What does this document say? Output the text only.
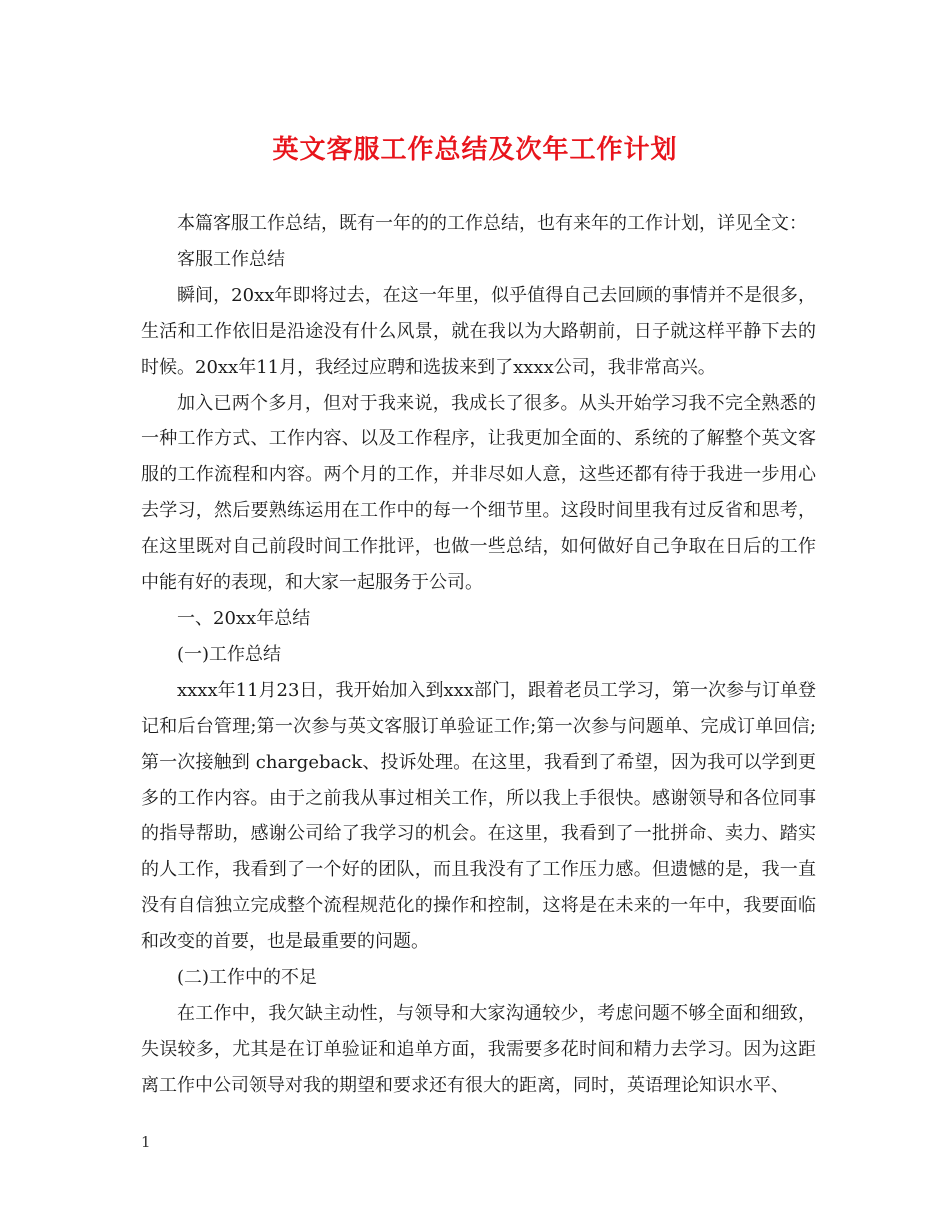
英文客服工作总结及次年工作计划

本篇客服工作总结，既有一年的的工作总结，也有来年的工作计划，详见全文：

客服工作总结

瞬间，20xx年即将过去，在这一年里，似乎值得自己去回顾的事情并不是很多，生活和工作依旧是沿途没有什么风景，就在我以为大路朝前，日子就这样平静下去的时候。20xx年11月，我经过应聘和选拔来到了xxxx公司，我非常高兴。

加入已两个多月，但对于我来说，我成长了很多。从头开始学习我不完全熟悉的一种工作方式、工作内容、以及工作程序，让我更加全面的、系统的了解整个英文客服的工作流程和内容。两个月的工作，并非尽如人意，这些还都有待于我进一步用心去学习，然后要熟练运用在工作中的每一个细节里。这段时间里我有过反省和思考，在这里既对自己前段时间工作批评，也做一些总结，如何做好自己争取在日后的工作中能有好的表现，和大家一起服务于公司。

一、20xx年总结

(一)工作总结

xxxx年11月23日，我开始加入到xxx部门，跟着老员工学习，第一次参与订单登记和后台管理;第一次参与英文客服订单验证工作;第一次参与问题单、完成订单回信;第一次接触到 chargeback、投诉处理。在这里，我看到了希望，因为我可以学到更多的工作内容。由于之前我从事过相关工作，所以我上手很快。感谢领导和各位同事的指导帮助，感谢公司给了我学习的机会。在这里，我看到了一批拼命、卖力、踏实的人工作，我看到了一个好的团队，而且我没有了工作压力感。但遗憾的是，我一直没有自信独立完成整个流程规范化的操作和控制，这将是在未来的一年中，我要面临和改变的首要，也是最重要的问题。

(二)工作中的不足

在工作中，我欠缺主动性，与领导和大家沟通较少，考虑问题不够全面和细致，失误较多，尤其是在订单验证和追单方面，我需要多花时间和精力去学习。因为这距离工作中公司领导对我的期望和要求还有很大的距离，同时，英语理论知识水平、

1
